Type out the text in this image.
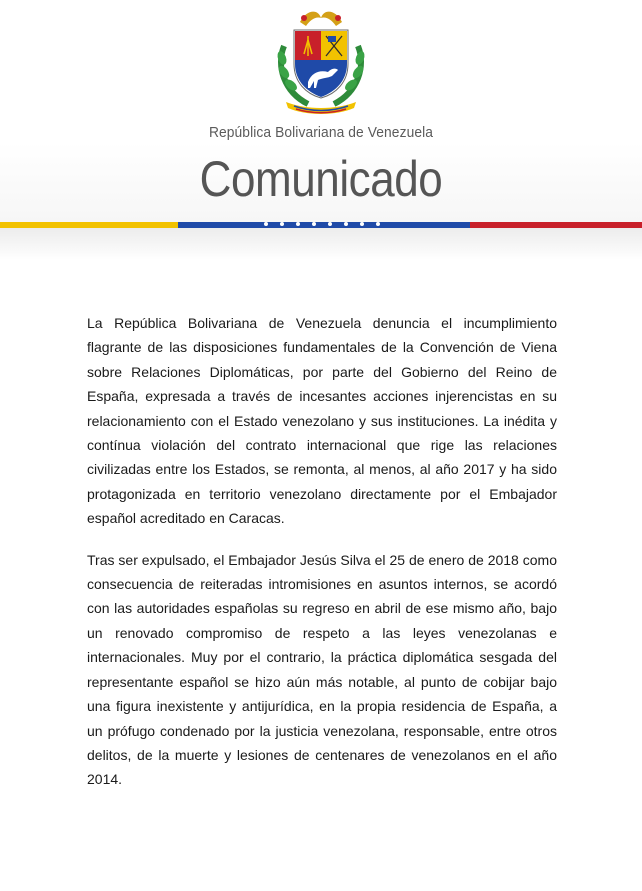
República Bolivariana de Venezuela
Comunicado

La República Bolivariana de Venezuela denuncia el incumplimiento flagrante de las disposiciones fundamentales de la Convención de Viena sobre Relaciones Diplomáticas, por parte del Gobierno del Reino de España, expresada a través de incesantes acciones injerencistas en su relacionamiento con el Estado venezolano y sus instituciones. La inédita y contínua violación del contrato internacional que rige las relaciones civilizadas entre los Estados, se remonta, al menos, al año 2017 y ha sido protagonizada en territorio venezolano directamente por el Embajador español acreditado en Caracas.

Tras ser expulsado, el Embajador Jesús Silva el 25 de enero de 2018 como consecuencia de reiteradas intromisiones en asuntos internos, se acordó con las autoridades españolas su regreso en abril de ese mismo año, bajo un renovado compromiso de respeto a las leyes venezolanas e internacionales. Muy por el contrario, la práctica diplomática sesgada del representante español se hizo aún más notable, al punto de cobijar bajo una figura inexistente y antijurídica, en la propia residencia de España, a un prófugo condenado por la justicia venezolana, responsable, entre otros delitos, de la muerte y lesiones de centenares de venezolanos en el año 2014.
